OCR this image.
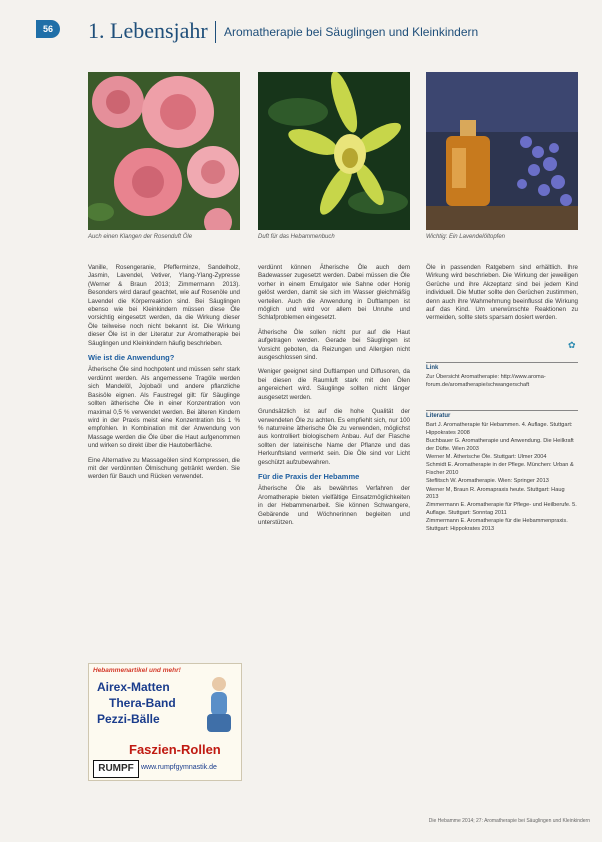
56	1. Lebensjahr Aromatherapie bei Säuglingen und Kleinkindern
Auch einen Klangen der Rosenduft Öle	Duft für das Hebammenbuch	Wichtig: Ein Lavendelöltopfen

Vanille, Rosengeranie, Pfefferminze, Sandelholz, Jasmin, Lavendel, Vetiver, Ylang-Ylang-Zypresse (Werner & Braun 2013; Zimmermann 2013). Besonders wird darauf geachtet, wie auf Rosenöle und Lavendel die Körperreaktion sind. Bei Säuglingen ebenso wie bei Kleinkindern müssen diese Öle vorsichtig eingesetzt werden, da die Wirkung dieser Öle teilweise noch nicht bekannt ist. Die Wirkung dieser Öle ist in der Literatur zur Aromatherapie bei Säuglingen und Kleinkindern häufig beschrieben.

Wie ist die Anwendung?

Ätherische Öle sind hochpotent und müssen sehr stark verdünnt werden. Als angemessene Tragöle werden sich Mandelöl, Jojobaöl und andere pflanzliche Basisöle eignen. Als Faustregel gilt: für Säuglinge sollten ätherische Öle in einer Konzentration von maximal 0,5 % verwendet werden. Bei älteren Kindern wird in der Praxis meist eine Konzentration bis 1 % empfohlen. In Kombination mit der Anwendung von Massage werden die Öle über die Haut aufgenommen und wirken so direkt über die Hautoberfläche.

Eine Alternative zu Massageölen sind Kompressen, die mit der verdünnten Ölmischung getränkt werden. Sie werden für Bauch und Rücken verwendet.

verdünnt können Ätherische Öle auch dem Badewasser zugesetzt werden. Dabei müssen die Öle vorher in einem Emulgator wie Sahne oder Honig gelöst werden, damit sie sich im Wasser gleichmäßig verteilen. Auch die Anwendung in Duftlampen ist möglich und wird vor allem bei Unruhe und Schlafproblemen eingesetzt.

Ätherische Öle sollen nicht pur auf die Haut aufgetragen werden. Gerade bei Säuglingen ist Vorsicht geboten, da Reizungen und Allergien nicht ausgeschlossen sind.

Weniger geeignet sind Duftlampen und Diffusoren, da bei diesen die Raumluft stark mit den Ölen angereichert wird. Säuglinge sollten nicht länger ausgesetzt werden.

Grundsätzlich ist auf die hohe Qualität der verwendeten Öle zu achten. Es empfiehlt sich, nur 100 % naturreine ätherische Öle zu verwenden, möglichst aus kontrolliert biologischem Anbau. Auf der Flasche sollten der lateinische Name der Pflanze und das Herkunftsland vermerkt sein. Die Öle sind vor Licht geschützt aufzubewahren.

Für die Praxis der Hebamme

Ätherische Öle als bewährtes Verfahren der Aromatherapie bieten vielfältige Einsatzmöglichkeiten in der Hebammenarbeit. Sie können Schwangere, Gebärende und Wöchnerinnen begleiten und unterstützen.

Öle in passenden Ratgebern sind erhältlich. Ihre Wirkung wird beschrieben. Die Wirkung der jeweiligen Gerüche und ihre Akzeptanz sind bei jedem Kind individuell. Die Mutter sollte den Gerüchen zustimmen, denn auch ihre Wahrnehmung beeinflusst die Wirkung auf das Kind. Um unerwünschte Reaktionen zu vermeiden, sollte stets sparsam dosiert werden.

✿
Link
Zur Übersicht Aromatherapie: http://www.aroma-forum.de/aromatherapie/schwangerschaft
Literatur
Bart J. Aromatherapie für Hebammen. 4. Auflage. Stuttgart: Hippokrates 2008
Buchbauer G. Aromatherapie und Anwendung. Die Heilkraft der Düfte. Wien 2003
Werner M. Ätherische Öle. Stuttgart: Ulmer 2004
Schmidt E. Aromatherapie in der Pflege. München: Urban & Fischer 2010
Steflitsch W. Aromatherapie. Wien: Springer 2013
Werner M, Braun R. Aromapraxis heute. Stuttgart: Haug 2013
Zimmermann E. Aromatherapie für Pflege- und Heilberufe. 5. Auflage. Stuttgart: Sonntag 2011
Zimmermann E. Aromatherapie für die Hebammenpraxis. Stuttgart: Hippokrates 2013
Hebammenartikel und mehr!
Airex-Matten
Thera-Band
Pezzi-Bälle
Faszien-Rollen
RUMPF	www.rumpfgymnastik.de
Die Hebamme 2014; 27: Aromatherapie bei Säuglingen und Kleinkindern
